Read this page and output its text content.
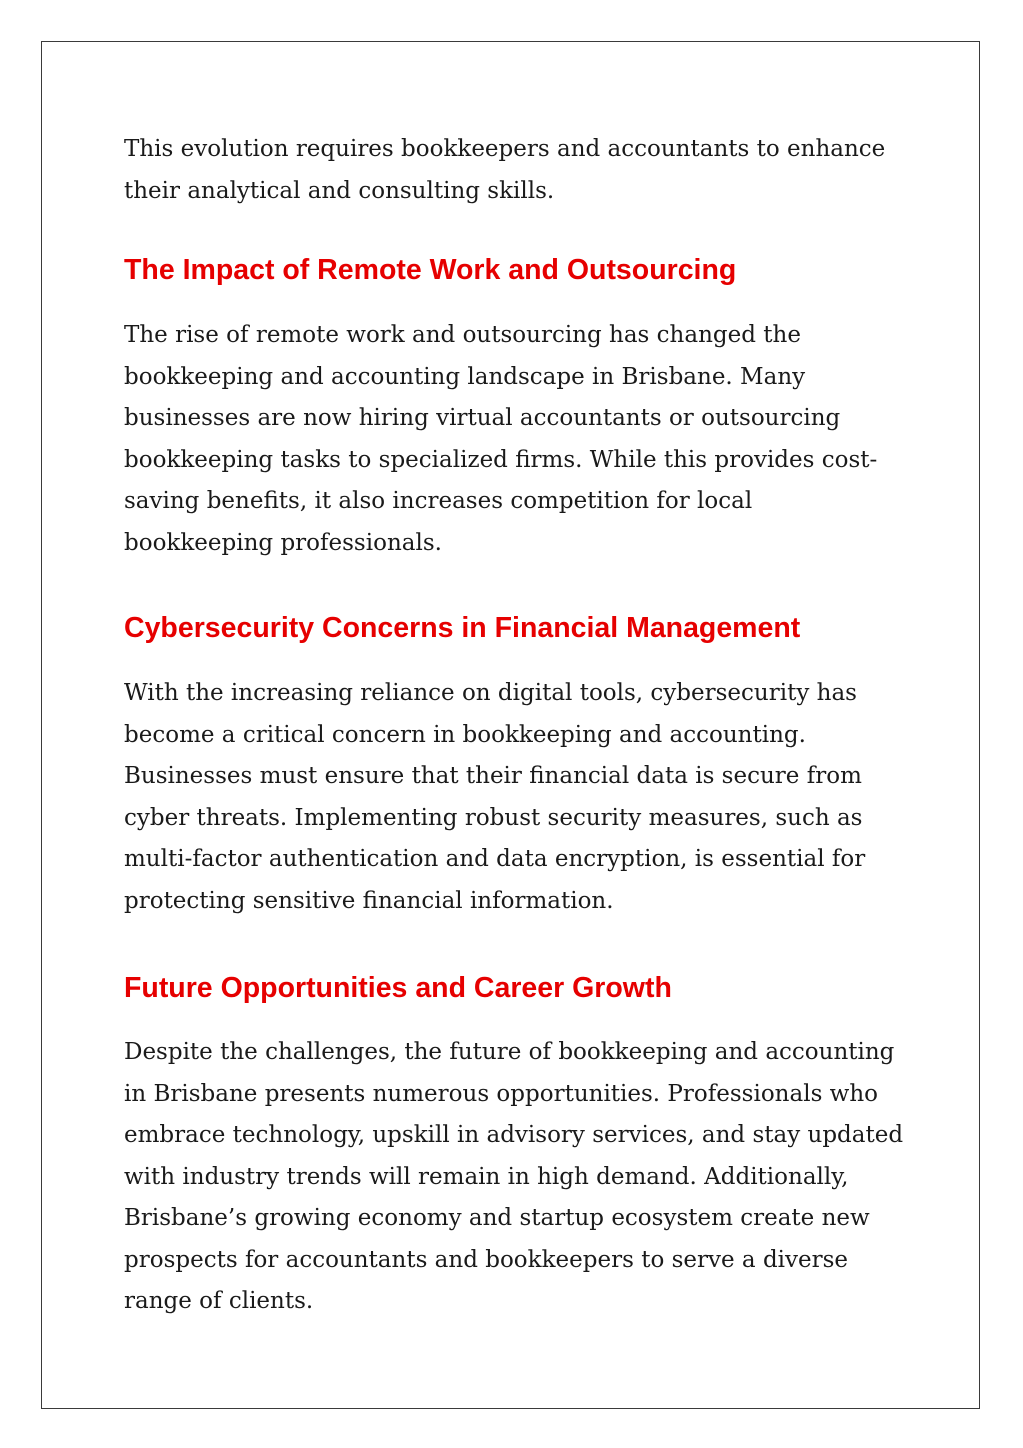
This evolution requires bookkeepers and accountants to enhance their analytical and consulting skills.

The Impact of Remote Work and Outsourcing

The rise of remote work and outsourcing has changed the bookkeeping and accounting landscape in Brisbane. Many businesses are now hiring virtual accountants or outsourcing bookkeeping tasks to specialized firms. While this provides cost-saving benefits, it also increases competition for local bookkeeping professionals.

Cybersecurity Concerns in Financial Management

With the increasing reliance on digital tools, cybersecurity has become a critical concern in bookkeeping and accounting. Businesses must ensure that their financial data is secure from cyber threats. Implementing robust security measures, such as multi-factor authentication and data encryption, is essential for protecting sensitive financial information.

Future Opportunities and Career Growth

Despite the challenges, the future of bookkeeping and accounting in Brisbane presents numerous opportunities. Professionals who embrace technology, upskill in advisory services, and stay updated with industry trends will remain in high demand. Additionally, Brisbane’s growing economy and startup ecosystem create new prospects for accountants and bookkeepers to serve a diverse range of clients.
